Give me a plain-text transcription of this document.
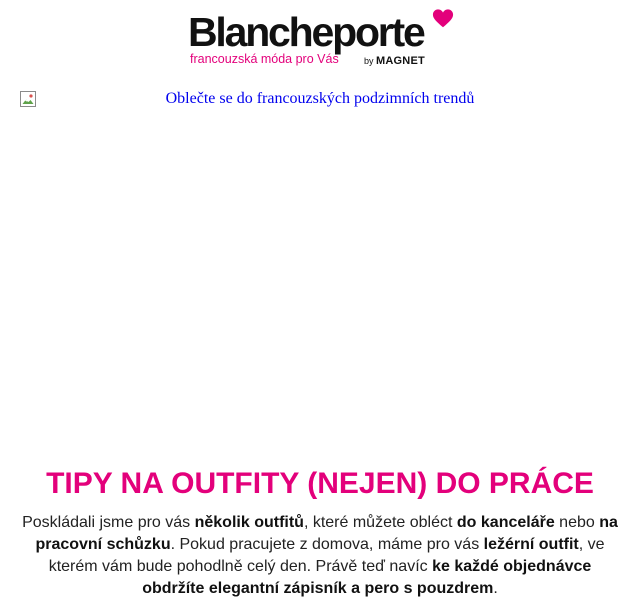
Blancheporte
francouzská móda pro Vás	by MAGNET
Oblečte se do francouzských podzimních trendů
TIPY NA OUTFITY (NEJEN) DO PRÁCE

Poskládali jsme pro vás několik outfitů, které můžete obléct do kanceláře nebo na pracovní schůzku. Pokud pracujete z domova, máme pro vás ležérní outfit, ve kterém vám bude pohodlně celý den. Právě teď navíc ke každé objednávce obdržíte elegantní zápisník a pero s pouzdrem.
